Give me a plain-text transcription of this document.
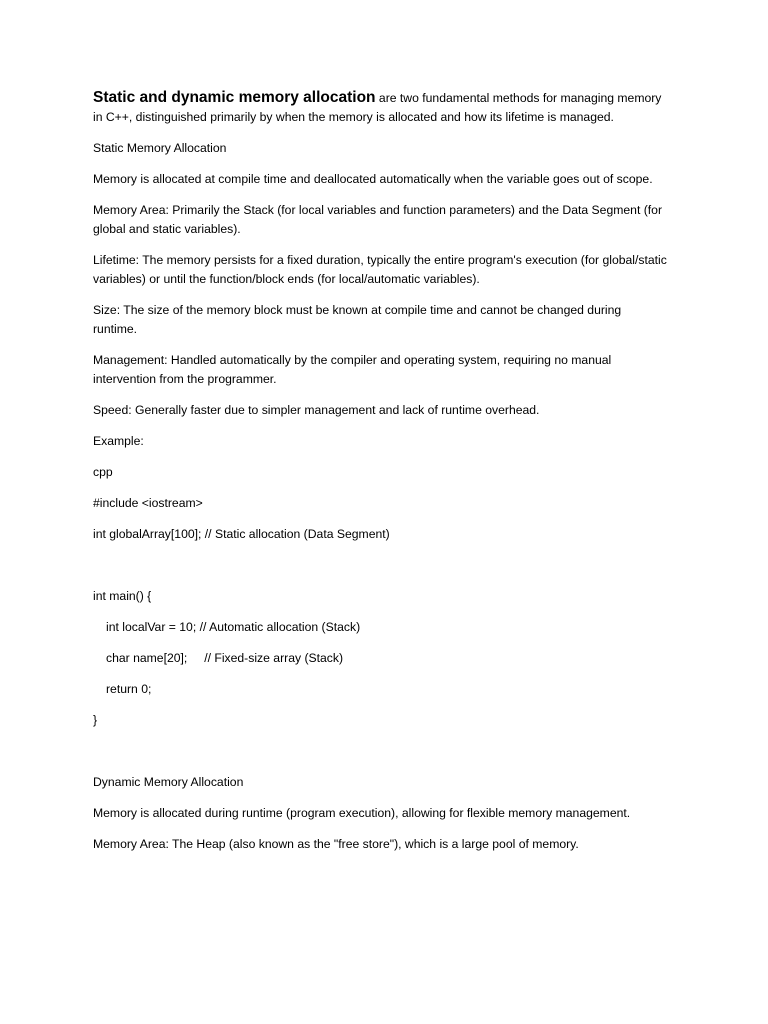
Static and dynamic memory allocation are two fundamental methods for managing memory in C++, distinguished primarily by when the memory is allocated and how its lifetime is managed.

Static Memory Allocation

Memory is allocated at compile time and deallocated automatically when the variable goes out of scope.

Memory Area: Primarily the Stack (for local variables and function parameters) and the Data Segment (for global and static variables).

Lifetime: The memory persists for a fixed duration, typically the entire program's execution (for global/static variables) or until the function/block ends (for local/automatic variables).

Size: The size of the memory block must be known at compile time and cannot be changed during runtime.

Management: Handled automatically by the compiler and operating system, requiring no manual intervention from the programmer.

Speed: Generally faster due to simpler management and lack of runtime overhead.

Example:

cpp

#include <iostream>

int globalArray[100]; // Static allocation (Data Segment)

int main() {

int localVar = 10; // Automatic allocation (Stack)

char name[20];     // Fixed-size array (Stack)

return 0;

}

Dynamic Memory Allocation

Memory is allocated during runtime (program execution), allowing for flexible memory management.

Memory Area: The Heap (also known as the "free store"), which is a large pool of memory.
